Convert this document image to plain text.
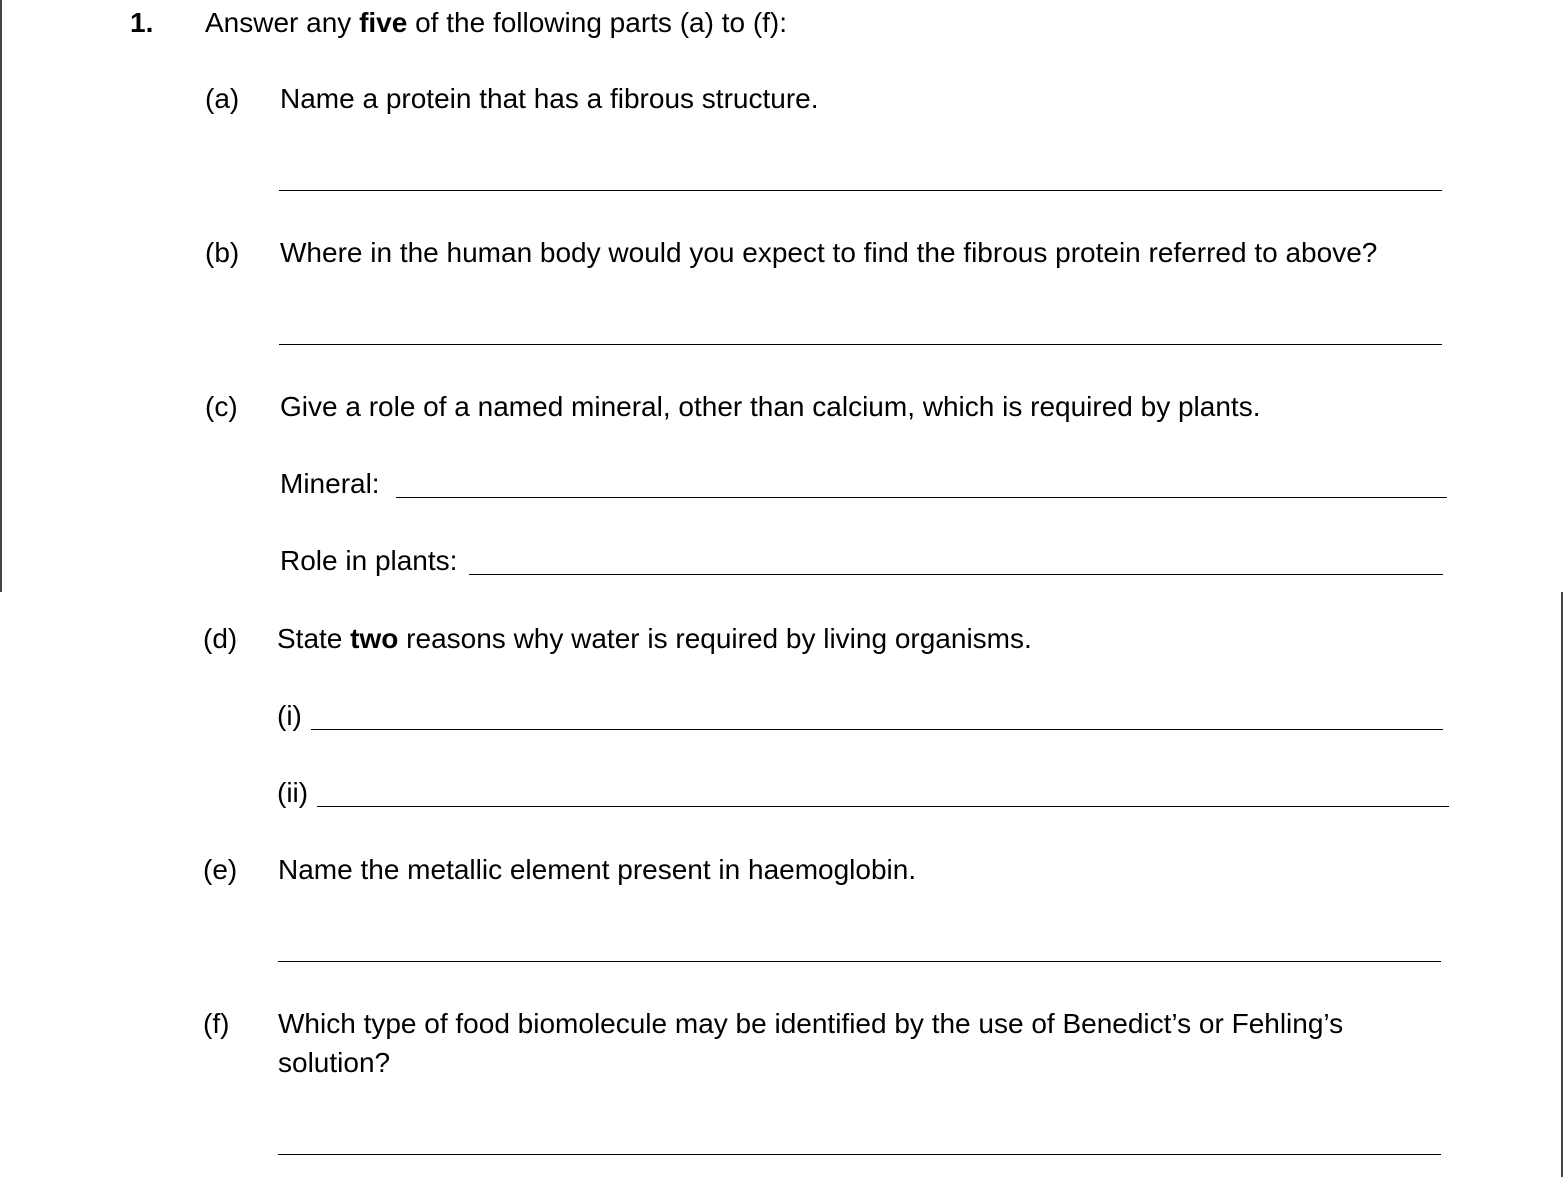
1. Answer any five of the following parts (a) to (f):
(a) Name a protein that has a fibrous structure.
(b) Where in the human body would you expect to find the fibrous protein referred to above?
(c) Give a role of a named mineral, other than calcium, which is required by plants.
Mineral:
Role in plants:
(d) State two reasons why water is required by living organisms.
(i)
(ii)
(e) Name the metallic element present in haemoglobin.
(f) Which type of food biomolecule may be identified by the use of Benedict’s or Fehling’s
solution?
